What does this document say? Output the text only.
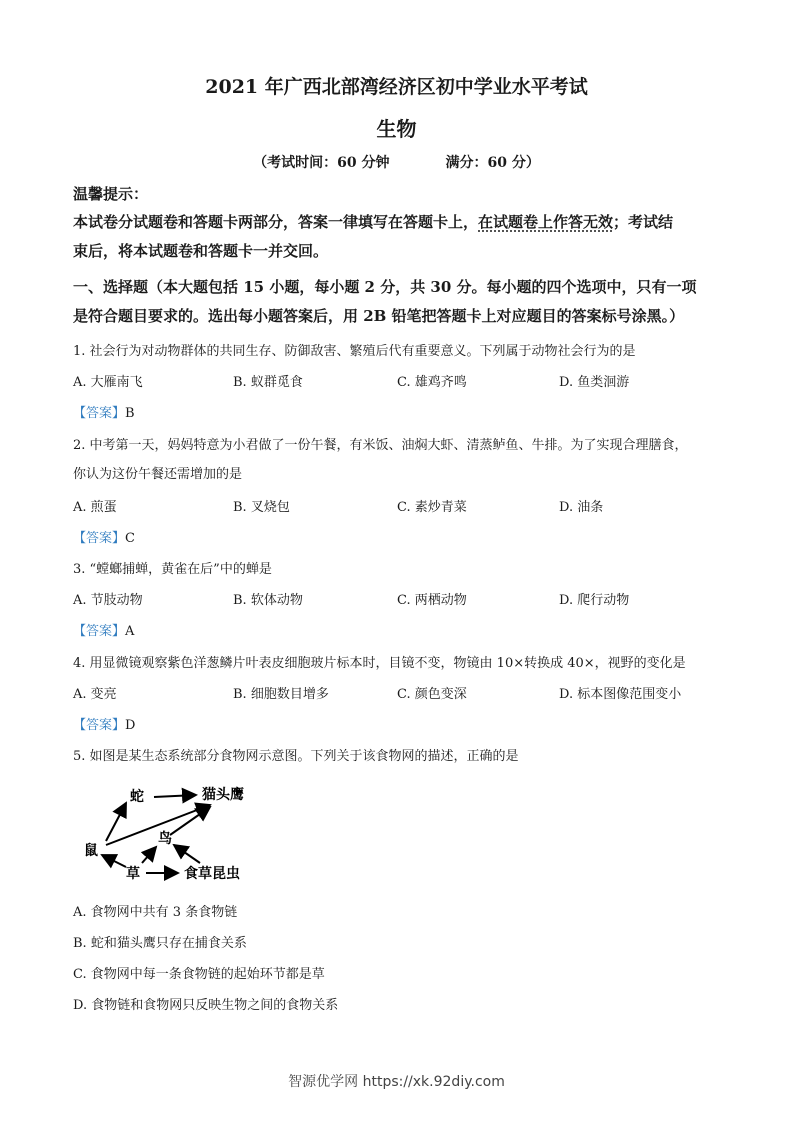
2021 年广西北部湾经济区初中学业水平考试
生物
（考试时间：60 分钟　　　　满分：60 分）
温馨提示：
本试卷分试题卷和答题卡两部分，答案一律填写在答题卡上，在试题卷上作答无效；考试结
束后，将本试题卷和答题卡一并交回。
一、选择题（本大题包括 15 小题，每小题 2 分，共 30 分。每小题的四个选项中，只有一项
是符合题目要求的。选出每小题答案后，用 2B 铅笔把答题卡上对应题目的答案标号涂黑。）
1. 社会行为对动物群体的共同生存、防御敌害、繁殖后代有重要意义。下列属于动物社会行为的是
A. 大雁南飞	B. 蚁群觅食	C. 雄鸡齐鸣	D. 鱼类洄游
【答案】B
2. 中考第一天，妈妈特意为小君做了一份午餐，有米饭、油焖大虾、清蒸鲈鱼、牛排。为了实现合理膳食，
你认为这份午餐还需增加的是
A. 煎蛋	B. 叉烧包	C. 素炒青菜	D. 油条
【答案】C
3. “螳螂捕蝉，黄雀在后”中的蝉是
A. 节肢动物	B. 软体动物	C. 两栖动物	D. 爬行动物
【答案】A
4. 用显微镜观察紫色洋葱鳞片叶表皮细胞玻片标本时，目镜不变，物镜由 10×转换成 40×，视野的变化是
A. 变亮	B. 细胞数目增多	C. 颜色变深	D. 标本图像范围变小
【答案】D
5. 如图是某生态系统部分食物网示意图。下列关于该食物网的描述，正确的是
蛇	猫头鹰
鸟
鼠
草	食草昆虫
A. 食物网中共有 3 条食物链
B. 蛇和猫头鹰只存在捕食关系
C. 食物网中每一条食物链的起始环节都是草
D. 食物链和食物网只反映生物之间的食物关系
智源优学网 https://xk.92diy.com
